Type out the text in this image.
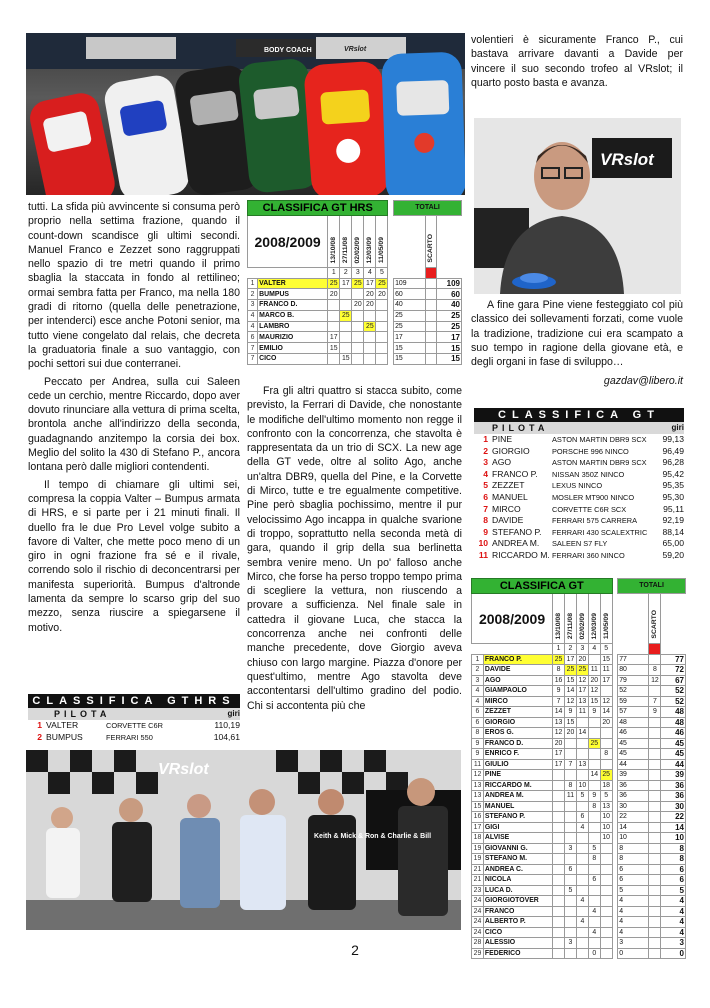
BODY COACH	VRslot

tutti. La sfida più avvincente si consuma però proprio nella settima frazione, quando il count-down scandisce gli ultimi secondi. Manuel Franco e Zezzet sono raggruppati nello spazio di tre metri quando il primo sbaglia la staccata in fondo al rettilineo; ormai sembra fatta per Franco, ma nella 180 gradi di ritorno (quella delle penetrazione, per intenderci) esce anche Potoni senior, ma tutto viene congelato dal relais, che decreta la graduatoria finale a suo vantaggio, con pochi settori sui due conterranei.

Peccato per Andrea, sulla cui Saleen cede un cerchio, mentre Riccardo, dopo aver dovuto rinunciare alla vettura di prima scelta, brontola anche all'indirizzo della seconda, guadagnando anzitempo la corsia dei box. Meglio del solito la 430 di Stefano P., ancora lontana però dalle migliori contendenti.

Il tempo di chiamare gli ultimi sei, compresa la coppia Valter – Bumpus armata di HRS, e si parte per i 21 minuti finali. Il duello fra le due Pro Level volge subito a favore di Valter, che mette poco meno di un giro in ogni frazione fra sé e il rivale, correndo solo il rischio di deconcentrarsi per manifesta superiorità. Bumpus d'altronde lamenta da sempre lo scarso grip del suo mezzo, senza riuscire a spiegarsene il motivo.

CLASSIFICA GT HRS								TOTALI		

2008/2009		13/10/08	27/11/08	02/02/09	12/03/09	11/05/09			SCARTO	
		1	2	3	4	5				
1	VALTER	25	17	25	17	25		109		109
2	BUMPUS	20			20	20		60		60
3	FRANCO D.			20	20			40		40
4	MARCO B.		25					25		25
4	LAMBRO				25			25		25
6	MAURIZIO	17						17		17
7	EMILIO	15						15		15
7	CICO		15					15		15

Fra gli altri quattro si stacca subito, come previsto, la Ferrari di Davide, che nonostante le modifiche dell'ultimo momento non regge il confronto con la concorrenza, che stavolta è rappresentata da un trio di SCX. La new age della GT vede, oltre al solito Ago, anche un'altra DBR9, quella del Pine, e la Corvette di Mirco, tutte e tre egualmente competitive. Pine però sbaglia pochissimo, mentre il pur velocissimo Ago incappa in qualche svarione di troppo, soprattutto nella seconda metà di gara, quando il grip della sua berlinetta sembra venire meno. Un po' falloso anche Mirco, che forse ha perso troppo tempo prima di scegliere la vettura, non riuscendo a provare a sufficienza. Nel finale sale in cattedra il giovane Luca, che stacca la concorrenza anche nei confronti delle manche precedente, dove Giorgio aveva chiuso con largo margine. Piazza d'onore per quest'ultimo, mentre Ago stavolta deve accontentarsi dell'ultimo gradino del podio. Chi si accontenta più che

volentieri è sicuramente Franco P., cui bastava arrivare davanti a Davide per vincere il suo secondo trofeo al VRslot; il quarto posto basta e avanza.

VRslot

A fine gara Pine viene festeggiato col più classico dei sollevamenti forzati, come vuole la tradizione, tradizione cui era scampato a suo tempo in ragione della giovane età, e degli organi in fase di sviluppo…

gazdav@libero.it

CLASSIFICA GT
PILOTA	giri
1 PINE	ASTON MARTIN DBR9 SCX	99,13
2 GIORGIO	PORSCHE 996 NINCO	96,49
3 AGO	ASTON MARTIN DBR9 SCX	96,28
4 FRANCO P.	NISSAN 350Z NINCO	95,42
5 ZEZZET	LEXUS NINCO	95,35
6 MANUEL	MOSLER MT900 NINCO	95,30
7 MIRCO	CORVETTE C6R SCX	95,11
8 DAVIDE	FERRARI 575 CARRERA	92,19
9 STEFANO P.	FERRARI 430 SCALEXTRIC	88,14
10 ANDREA M.	SALEEN S7 FLY	65,00
11 RICCARDO M. FERRARI 360 NINCO	59,20
CLASSIFICA GTHRS
PILOTA	giri
1 VALTER	CORVETTE C6R	110,19
2 BUMPUS	FERRARI 550	104,61
VRslot
Keith & Mick & Ron & Charlie & Bill
CLASSIFICA GT								TOTALI		

2008/2009		13/10/08	27/11/08	02/02/09	12/03/09	11/05/09			SCARTO	
		1	2	3	4	5				
1	FRANCO P.	25	17	20		15		77		77
2	DAVIDE	8	25	25	11	11		80	8	72
3	AGO	16	15	12	20	17		79	12	67
4	GIAMPAOLO	9	14	17	12			52		52
4	MIRCO	7	12	13	15	12		59	7	52
6	ZEZZET	14	9	11	9	14		57	9	48
6	GIORGIO	13	15			20		48		48
8	EROS G.	12	20	14				46		46
9	FRANCO D.	20			25			45		45
9	ENRICO F.	17				8		45		45
11	GIULIO	17	7	13				44		44
12	PINE				14	25		39		39
13	RICCARDO M.		8	10		18		36		36
13	ANDREA M.		11	5	9	5		36		36
15	MANUEL				8	13		30		30
16	STEFANO P.			6		10		22		22
17	GIGI			4		10		14		14
18	ALVISE					10		10		10
19	GIOVANNI G.		3		5			8		8
19	STEFANO M.				8			8		8
21	ANDREA C.		6					6		6
21	NICOLA				6			6		6
23	LUCA D.		5					5		5
24	GIORGIOTOVER			4				4		4
24	FRANCO				4			4		4
24	ALBERTO P.			4				4		4
24	CICO				4			4		4
28	ALESSIO		3					3		3
29	FEDERICO				0			0		0
2
